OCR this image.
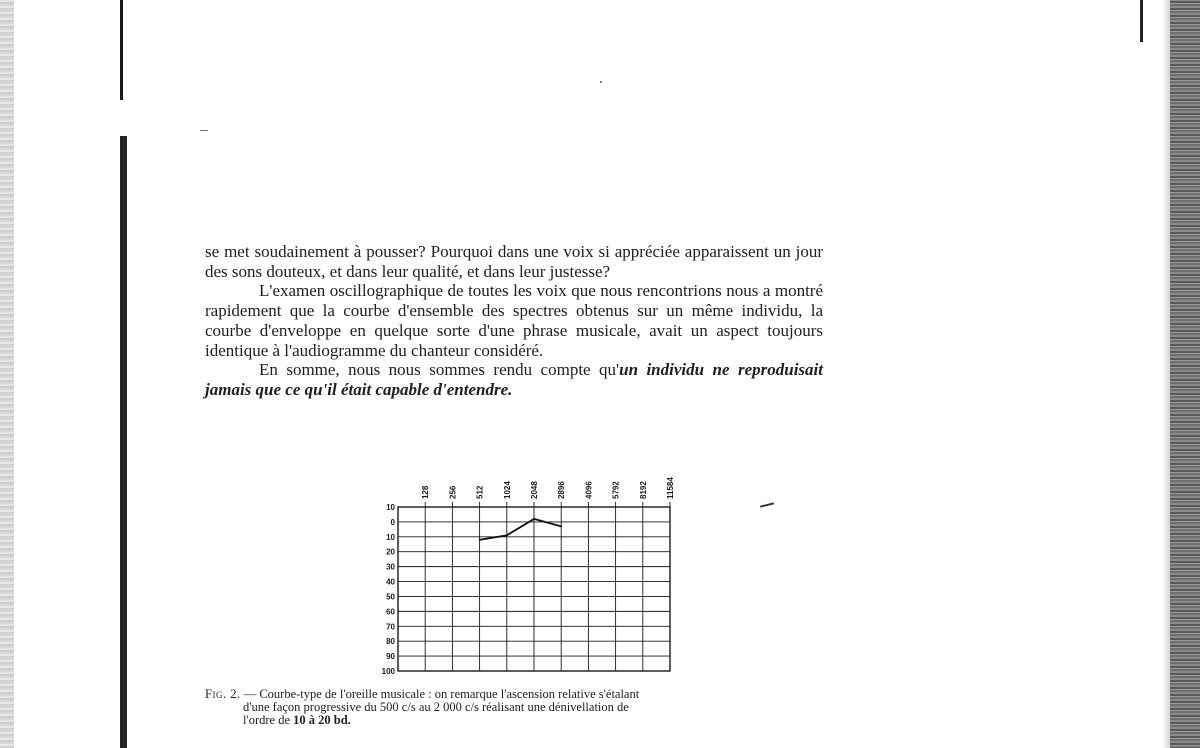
se met soudainement à pousser? Pourquoi dans une voix si appréciée apparaissent un jour des sons douteux, et dans leur qualité, et dans leur justesse?

L'examen oscillographique de toutes les voix que nous rencontrions nous a montré rapidement que la courbe d'ensemble des spectres obtenus sur un même individu, la courbe d'enveloppe en quelque sorte d'une phrase musicale, avait un aspect toujours identique à l'audiogramme du chanteur considéré.

En somme, nous nous sommes rendu compte qu'un individu ne reproduisait jamais que ce qu'il était capable d'entendre.

10
0
10
20
30
40
50
60
70
80
90
100
128 256 512 1024 2048 2896 4096 5792 8192 11584
Fig. 2. — Courbe-type de l'oreille musicale : on remarque l'ascension relative s'étalant
d'une façon progressive du 500 c/s au 2 000 c/s réalisant une dénivellation de
l'ordre de 10 à 20 bd.
